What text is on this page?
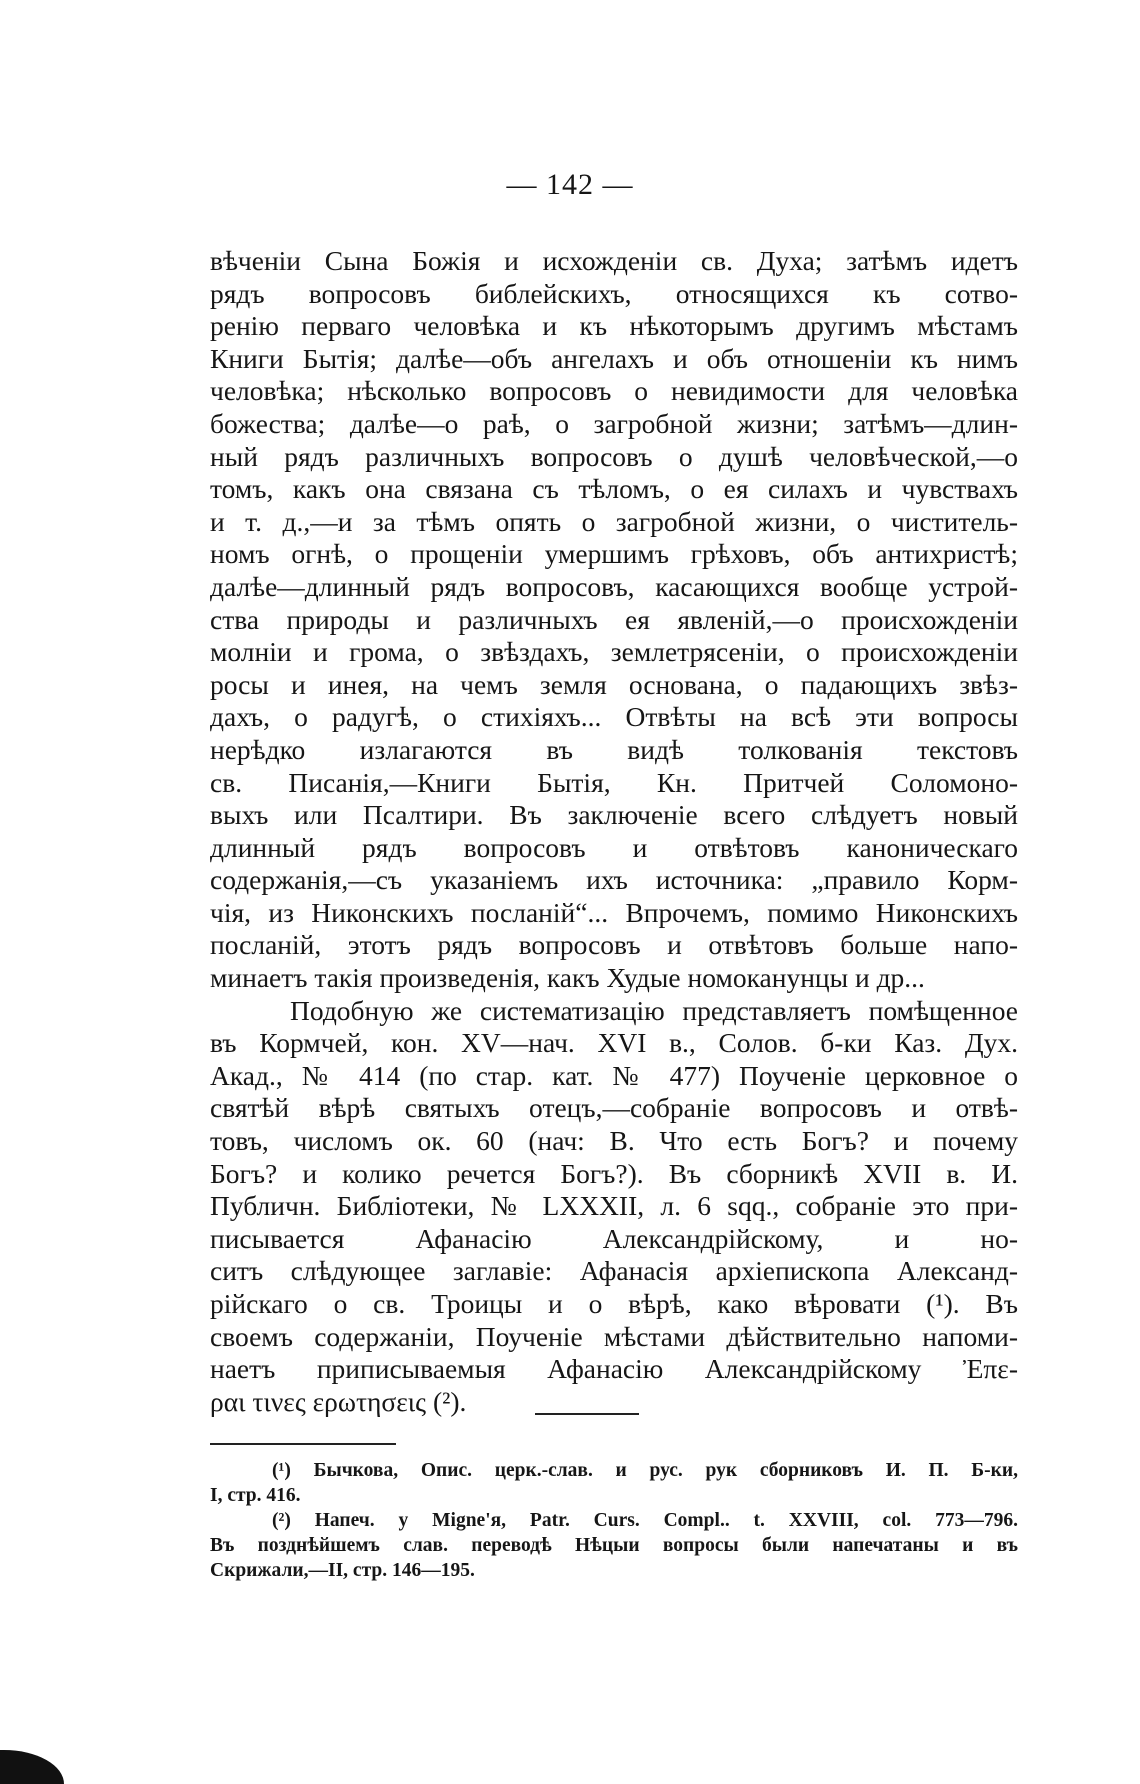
— 142 —
вѣченіи Сына Божія и исхожденіи св. Духа; затѣмъ идетъ
рядъ вопросовъ библейскихъ, относящихся къ сотво-
ренію перваго человѣка и къ нѣкоторымъ другимъ мѣстамъ
Книги Бытія; далѣе—объ ангелахъ и объ отношеніи къ нимъ
человѣка; нѣсколько вопросовъ о невидимости для человѣка
божества; далѣе—о раѣ, о загробной жизни; затѣмъ—длин-
ный рядъ различныхъ вопросовъ о душѣ человѣческой,—о
томъ, какъ она связана съ тѣломъ, о ея силахъ и чувствахъ
и т. д.,—и за тѣмъ опять о загробной жизни, о чиститель-
номъ огнѣ, о прощеніи умершимъ грѣховъ, объ антихристѣ;
далѣе—длинный рядъ вопросовъ, касающихся вообще устрой-
ства природы и различныхъ ея явленій,—о происхожденіи
молніи и грома, о звѣздахъ, землетрясеніи, о происхожденіи
росы и инея, на чемъ земля основана, о падающихъ звѣз-
дахъ, о радугѣ, о стихіяхъ... Отвѣты на всѣ эти вопросы
нерѣдко излагаются въ видѣ толкованія текстовъ
св. Писанія,—Книги Бытія, Кн. Притчей Соломоно-
выхъ или Псалтири. Въ заключеніе всего слѣдуетъ новый
длинный рядъ вопросовъ и отвѣтовъ каноническаго
содержанія,—съ указаніемъ ихъ источника: „правило Корм-
чія, из Никонскихъ посланій“... Впрочемъ, помимо Никонскихъ
посланій, этотъ рядъ вопросовъ и отвѣтовъ больше напо-
минаетъ такія произведенія, какъ Худые номоканунцы и др...
Подобную же систематизацію представляетъ помѣщенное
въ Кормчей, кон. XV—нач. XVI в., Солов. б-ки Каз. Дух.
Акад., № 414 (по стар. кат. № 477) Поученіе церковное о
святѣй вѣрѣ святыхъ отецъ,—собраніе вопросовъ и отвѣ-
товъ, числомъ ок. 60 (нач: В. Что есть Богъ? и почему
Богъ? и колико речется Богъ?). Въ сборникѣ XVII в. И.
Публичн. Библіотеки, № LXXXII, л. 6 sqq., собраніе это при-
писывается Афанасію Александрійскому, и но-
ситъ слѣдующее заглавіе: Афанасія архіепископа Александ-
рійскаго о св. Троицы и о вѣрѣ, како вѣровати (¹). Въ
своемъ содержаніи, Поученіе мѣстами дѣйствительно напоми-
наетъ приписываемыя Афанасію Александрійскому Ἐπε-
ραι τινες ερωτησεις (²).
(¹) Бычкова, Опис. церк.-слав. и рус. рук сборниковъ И. П. Б-ки,
I, стр. 416.
(²) Напеч. у Migne'я, Patr. Curs. Compl.. t. XXVIII, col. 773—796.
Въ позднѣйшемъ слав. переводѣ Нѣцыи вопросы были напечатаны и въ
Скрижали,—II, стр. 146—195.
